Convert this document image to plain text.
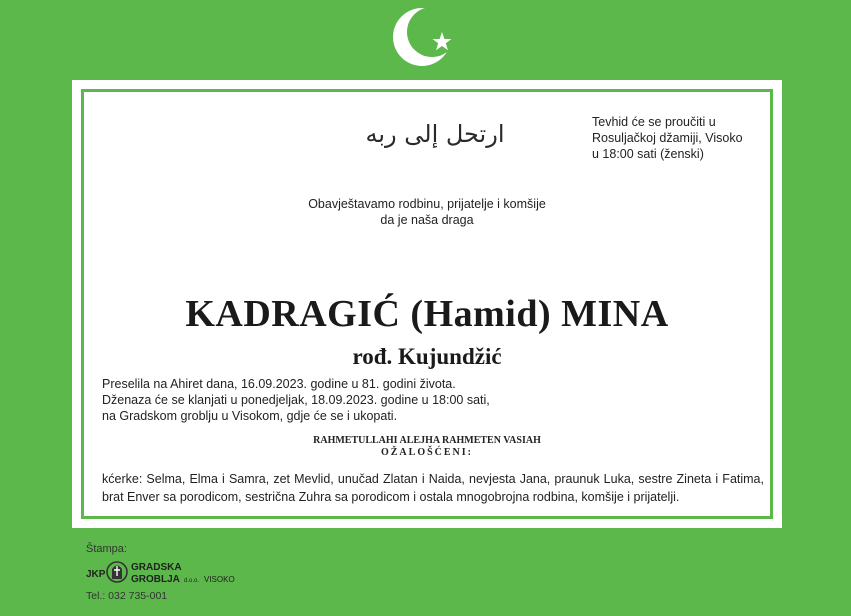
ارتحل إلى ربه	Tevhid će se proučiti u
Rosuljačkoj džamiji, Visoko
u 18:00 sati (ženski)
Obavještavamo rodbinu, prijatelje i komšije
da je naša draga
KADRAGIĆ (Hamid) MINA
rođ. Kujundžić
Preselila na Ahiret dana, 16.09.2023. godine u 81. godini života.
Dženaza će se klanjati u ponedjeljak, 18.09.2023. godine u 18:00 sati,
na Gradskom groblju u Visokom, gdje će se i ukopati.
RAHMETULLAHI ALEJHA RAHMETEN VASIAH
OŽALOŠĆENI:
kćerke: Selma, Elma i Samra, zet Mevlid, unučad Zlatan i Naida, nevjesta Jana, praunuk Luka, sestre Zineta i Fatima, brat Enver sa porodicom, sestrična Zuhra sa porodicom i ostala mnogobrojna rodbina, komšije i prijatelji.
Štampa:
JKP
GRADSKA
GROBLJA d.o.o. VISOKO
Tel.: 032 735-001
